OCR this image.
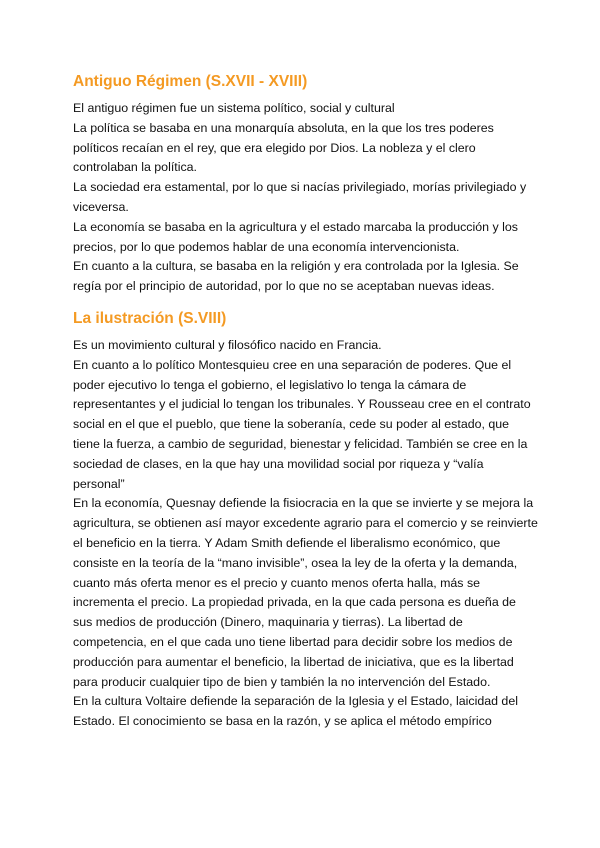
Antiguo Régimen (S.XVII - XVIII)

El antiguo régimen fue un sistema político, social y cultural

La política se basaba en una monarquía absoluta, en la que los tres poderes políticos recaían en el rey, que era elegido por Dios. La nobleza y el clero controlaban la política.

La sociedad era estamental, por lo que si nacías privilegiado, morías privilegiado y viceversa.

La economía se basaba en la agricultura y el estado marcaba la producción y los precios, por lo que podemos hablar de una economía intervencionista.

En cuanto a la cultura, se basaba en la religión y era controlada por la Iglesia. Se regía por el principio de autoridad, por lo que no se aceptaban nuevas ideas.

La ilustración (S.VIII)

Es un movimiento cultural y filosófico nacido en Francia.

En cuanto a lo político Montesquieu cree en una separación de poderes. Que el poder ejecutivo lo tenga el gobierno, el legislativo lo tenga la cámara de representantes y el judicial lo tengan los tribunales. Y Rousseau cree en el contrato social en el que el pueblo, que tiene la soberanía, cede su poder al estado, que tiene la fuerza, a cambio de seguridad, bienestar y felicidad. También se cree en la sociedad de clases, en la que hay una movilidad social por riqueza y “valía personal”

En la economía, Quesnay defiende la fisiocracia en la que se invierte y se mejora la agricultura, se obtienen así mayor excedente agrario para el comercio y se reinvierte el beneficio en la tierra. Y Adam Smith defiende el liberalismo económico, que consiste en la teoría de la “mano invisible”, osea la ley de la oferta y la demanda, cuanto más oferta menor es el precio y cuanto menos oferta halla, más se incrementa el precio. La propiedad privada, en la que cada persona es dueña de sus medios de producción (Dinero, maquinaria y tierras). La libertad de competencia, en el que cada uno tiene libertad para decidir sobre los medios de producción para aumentar el beneficio, la libertad de iniciativa, que es la libertad para producir cualquier tipo de bien y también la no intervención del Estado.

En la cultura Voltaire defiende la separación de la Iglesia y el Estado, laicidad del Estado. El conocimiento se basa en la razón, y se aplica el método empírico
